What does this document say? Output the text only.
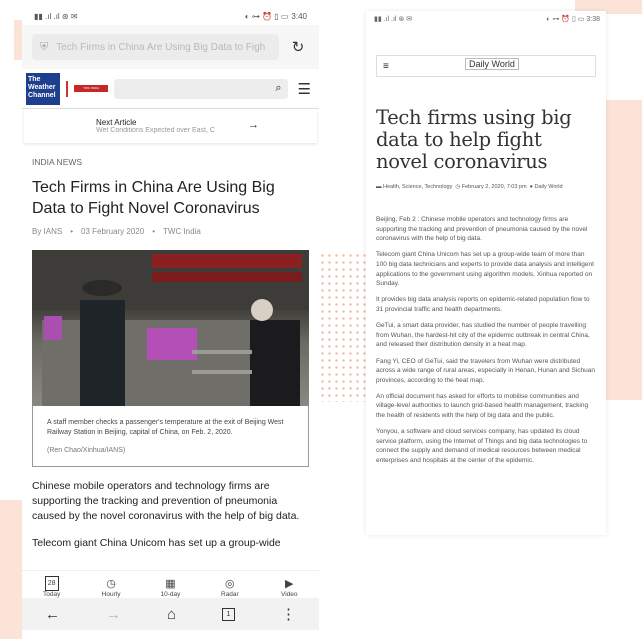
▮▮ .ıl .ıl ⊛ ✉	◐ ⊶ ⏰ ▯ ▭ 3:40
⛨ Tech Firms in China Are Using Big Data to Figh	↻
The Weather Channel
TWC INDIA	⌕ ☰
Next Article
Wet Conditions Expected over East, C	→
INDIA NEWS
Tech Firms in China Are Using Big Data to Fight Novel Coronavirus
By IANS • 03 February 2020 • TWC India
A staff member checks a passenger's temperature at the exit of Beijing West Railway Station in Beijing, capital of China, on Feb. 2, 2020.
(Ren Chao/Xinhua/IANS)
Chinese mobile operators and technology firms are supporting the tracking and prevention of pneumonia caused by the novel coronavirus with the help of big data.
Telecom giant China Unicom has set up a group-wide
28
Today
◷
Hourly
▦
10-day
◎
Radar
▶
Video
←	→	⌂	1	⋮
▮▮ .ıl .ıl ⊛ ✉	◐ ⊶ ⏰ ▯ ▭ 3:38
≡	Daily World
Tech firms using big data to help fight novel coronavirus
▬ Health, Science, Technology ◷ February 2, 2020, 7:03 pm ● Daily World

Beijing, Feb 2 : Chinese mobile operators and technology firms are supporting the tracking and prevention of pneumonia caused by the novel coronavirus with the help of big data.

Telecom giant China Unicom has set up a group-wide team of more than 100 big data technicians and experts to provide data analysis and intelligent applications to the government using algorithm models, Xinhua reported on Sunday.

It provides big data analysis reports on epidemic-related population flow to 31 provincial traffic and health departments.

GeTui, a smart data provider, has studied the number of people travelling from Wuhan, the hardest-hit city of the epidemic outbreak in central China, and released their distribution density in a heat map.

Fang Yi, CEO of GeTui, said the travelers from Wuhan were distributed across a wide range of rural areas, especially in Henan, Hunan and Sichuan provinces, according to the heat map.

An official document has asked for efforts to mobilise communities and village-level authorities to launch grid-based health management, tracking the health of residents with the help of big data and the public.

Yonyou, a software and cloud services company, has updated its cloud service platform, using the Internet of Things and big data technologies to connect the supply and demand of medical resources between medical enterprises and hospitals at the center of the epidemic.
